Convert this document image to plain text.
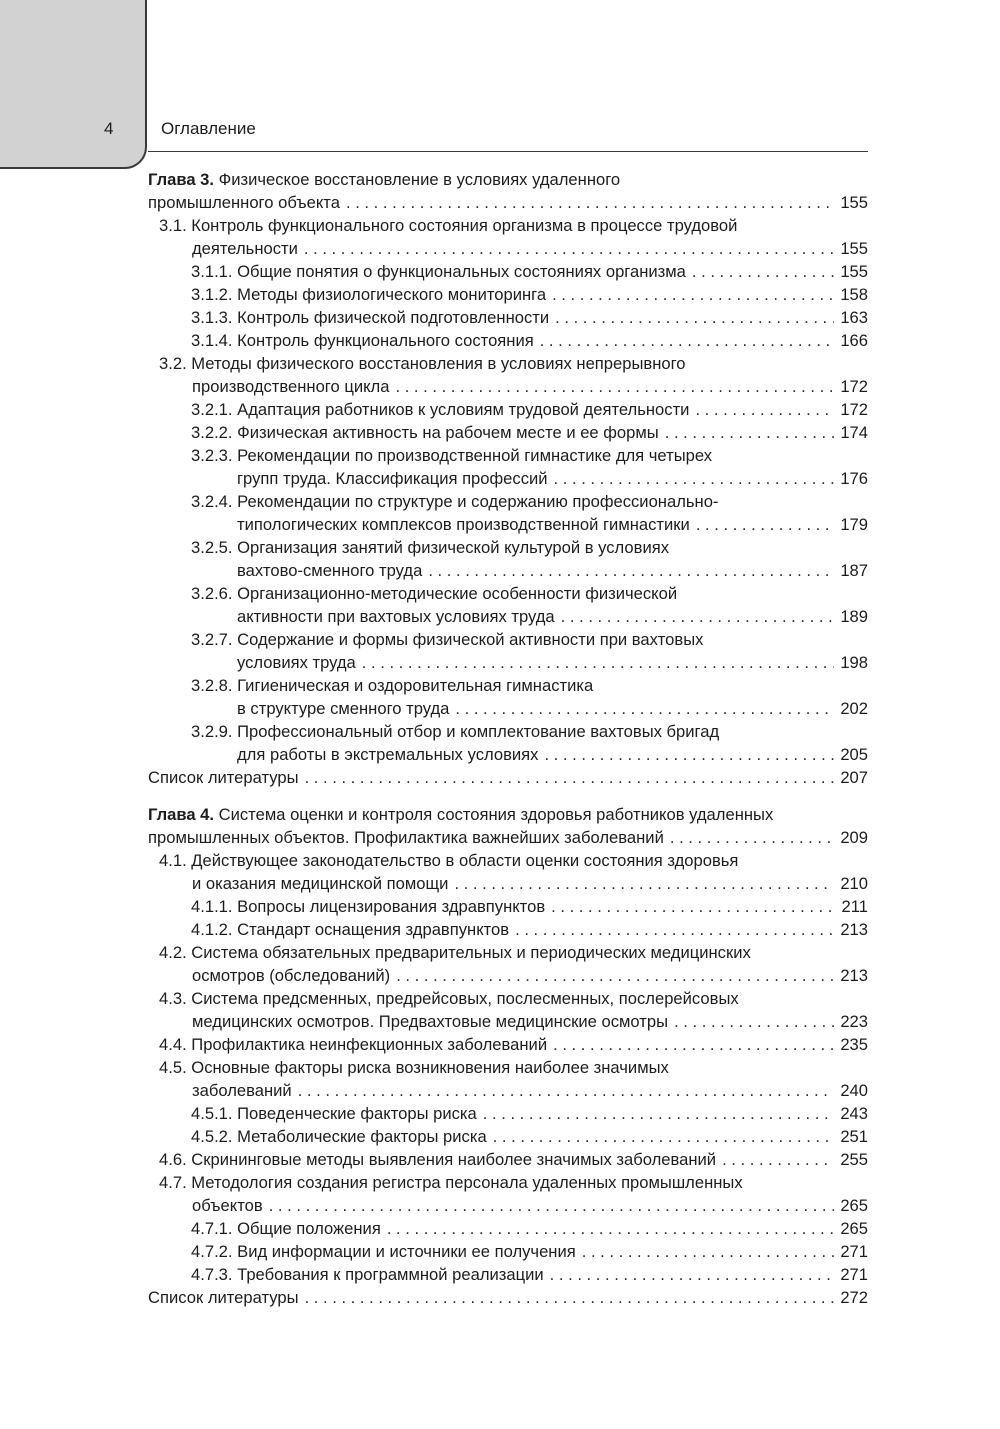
4	Оглавление
Глава 3. Физическое восстановление в условиях удаленного
промышленного объекта . . .	155
3.1. Контроль функционального состояния организма в процессе трудовой
деятельности . . .	155
3.1.1. Общие понятия о функциональных состояниях организма . . .	155
3.1.2. Методы физиологического мониторинга . . .	158
3.1.3. Контроль физической подготовленности . . .	163
3.1.4. Контроль функционального состояния . . .	166
3.2. Методы физического восстановления в условиях непрерывного
производственного цикла . . .	172
3.2.1. Адаптация работников к условиям трудовой деятельности . . .	172
3.2.2. Физическая активность на рабочем месте и ее формы . . .	174
3.2.3. Рекомендации по производственной гимнастике для четырех
групп труда. Классификация профессий . . .	176
3.2.4. Рекомендации по структуре и содержанию профессионально-
типологических комплексов производственной гимнастики . . .	179
3.2.5. Организация занятий физической культурой в условиях
вахтово-сменного труда . . .	187
3.2.6. Организационно-методические особенности физической
активности при вахтовых условиях труда . . .	189
3.2.7. Содержание и формы физической активности при вахтовых
условиях труда . . .	198
3.2.8. Гигиеническая и оздоровительная гимнастика
в структуре сменного труда . . .	202
3.2.9. Профессиональный отбор и комплектование вахтовых бригад
для работы в экстремальных условиях . . .	205
Список литературы . . .	207
Глава 4. Система оценки и контроля состояния здоровья работников удаленных
промышленных объектов. Профилактика важнейших заболеваний . . .	209
4.1. Действующее законодательство в области оценки состояния здоровья
и оказания медицинской помощи . . .	210
4.1.1. Вопросы лицензирования здравпунктов . . .	211
4.1.2. Стандарт оснащения здравпунктов . . .	213
4.2. Система обязательных предварительных и периодических медицинских
осмотров (обследований) . . .	213
4.3. Система предсменных, предрейсовых, послесменных, послерейсовых
медицинских осмотров. Предвахтовые медицинские осмотры . . .	223
4.4. Профилактика неинфекционных заболеваний . . .	235
4.5. Основные факторы риска возникновения наиболее значимых
заболеваний . . .	240
4.5.1. Поведенческие факторы риска . . .	243
4.5.2. Метаболические факторы риска . . .	251
4.6. Скрининговые методы выявления наиболее значимых заболеваний . . .	255
4.7. Методология создания регистра персонала удаленных промышленных
объектов . . .	265
4.7.1. Общие положения . . .	265
4.7.2. Вид информации и источники ее получения . . .	271
4.7.3. Требования к программной реализации . . .	271
Список литературы . . .	272
